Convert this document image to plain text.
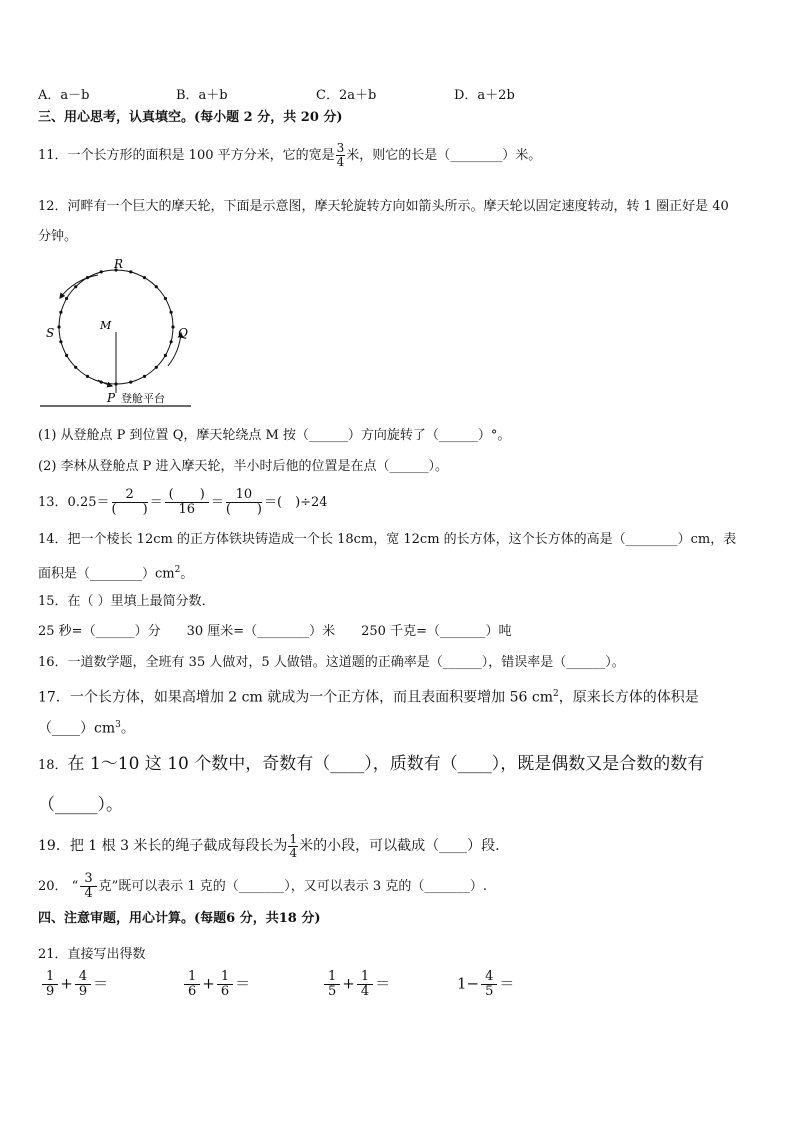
A．a－b	B．a＋b	C．2a＋b	D．a＋2b
三、用心思考，认真填空。(每小题 2 分，共 20 分)
11．一个长方形的面积是 100 平方分米，它的宽是 $\frac{3}{4}$ 米，则它的长是（________）米。
12．河畔有一个巨大的摩天轮，下面是示意图，摩天轮旋转方向如箭头所示。摩天轮以固定速度转动，转 1 圈正好是 40
分钟。
R
S	Q
M
P 登舱平台
(1) 从登舱点 P 到位置 Q，摩天轮绕点 M 按（______）方向旋转了（______）°。
(2) 李林从登舱点 P 进入摩天轮，半小时后他的位置是在点（______）。
13．0.25＝
2
(　　) ＝
(　　)
16	＝
10
(　　) ＝(　)÷24
14．把一个棱长 12cm 的正方体铁块铸造成一个长 18cm，宽 12cm 的长方体，这个长方体的高是（________）cm，表
面积是$(\_\_\_\_\_\_\_\_)cm^2$。
15．在（ ）里填上最简分数．
25 秒=（______）分　　30 厘米=（________）米　　250 千克=（_______）吨
16．一道数学题，全班有 35 人做对，5 人做错。这道题的正确率是（______），错误率是（______）。
17．一个长方体，如果高增加 2 cm 就成为一个正方体，而且表面积要增加 56 $cm^2$，原来长方体的体积是
$(\_\_\_\_)cm^3$。
18．在 1～10 这 10 个数中，奇数有（____），质数有（____），既是偶数又是合数的数有
（_____）。
19．把 1 根 3 米长的绳子截成每段长为 $\frac{1}{4}$ 米的小段，可以截成（____）段.
20． “ $\frac{3}{4}$ 克”既可以表示 1 克的（_______），又可以表示 3 克的（_______）.
四、注意审题，用心计算。(每题6 分，共18 分)
21．直接写出得数
$\frac{1}{9} + \frac{4}{9}$ ＝	$\frac{1}{6} + \frac{1}{6}$ ＝	$\frac{1}{5} + \frac{1}{4}$ ＝	$1- \frac{4}{5}$ ＝
